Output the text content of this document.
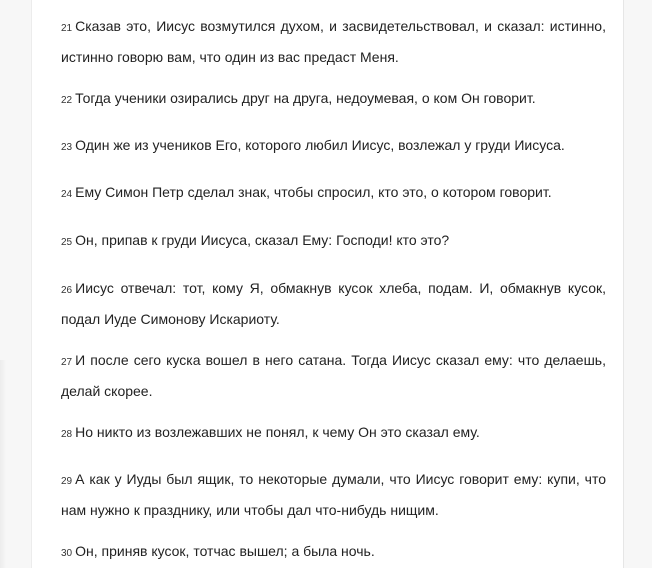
21 Сказав это, Иисус возмутился духом, и засвидетельствовал, и сказал: истинно, истинно говорю вам, что один из вас предаст Меня.

22 Тогда ученики озирались друг на друга, недоумевая, о ком Он говорит.

23 Один же из учеников Его, которого любил Иисус, возлежал у груди Иисуса.

24 Ему Симон Петр сделал знак, чтобы спросил, кто это, о котором говорит.

25 Он, припав к груди Иисуса, сказал Ему: Господи! кто это?

26 Иисус отвечал: тот, кому Я, обмакнув кусок хлеба, подам. И, обмакнув кусок, подал Иуде Симонову Искариоту.

27 И после сего куска вошел в него сатана. Тогда Иисус сказал ему: что делаешь, делай скорее.

28 Но никто из возлежавших не понял, к чему Он это сказал ему.

29 А как у Иуды был ящик, то некоторые думали, что Иисус говорит ему: купи, что нам нужно к празднику, или чтобы дал что-нибудь нищим.

30 Он, приняв кусок, тотчас вышел; а была ночь.
